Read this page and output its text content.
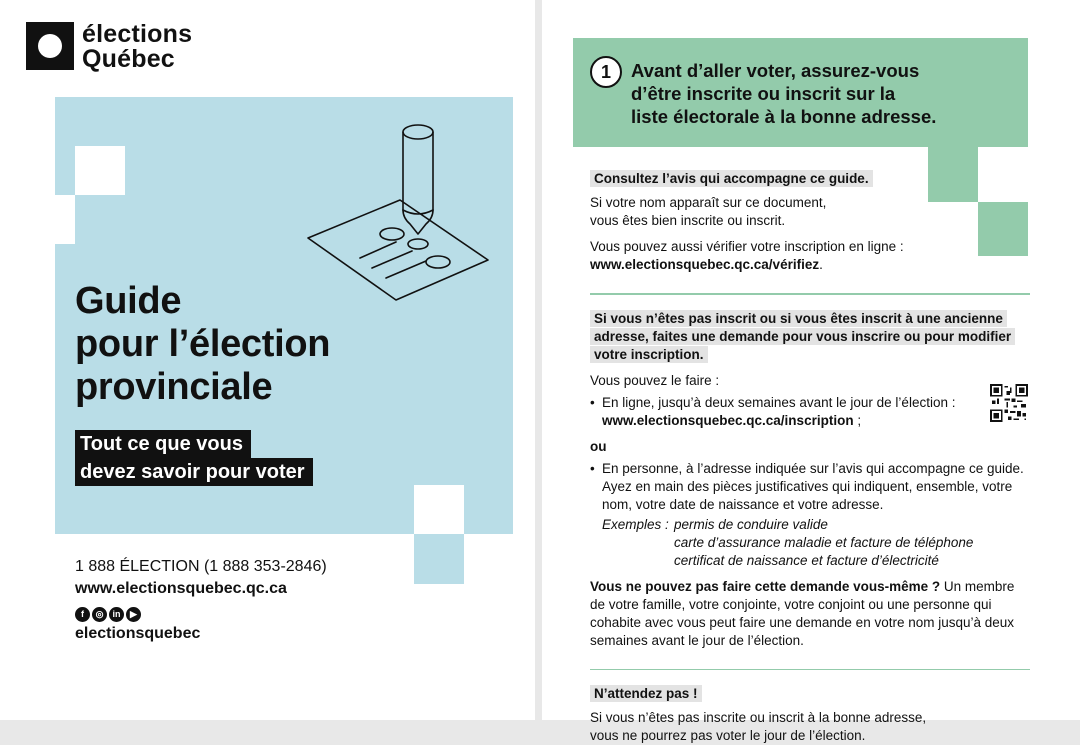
élections
Québec
Guide
pour l’élection
provinciale
Tout ce que vous
devez savoir pour voter
1 888 ÉLECTION (1 888 353-2846)
www.electionsquebec.qc.ca
f	◎	in	▶
electionsquebec
1	Avant d’aller voter, assurez-vous
d’être inscrite ou inscrit sur la
liste électorale à la bonne adresse.
Consultez l’avis qui accompagne ce guide.

Si votre nom apparaît sur ce document,
vous êtes bien inscrite ou inscrit.

Vous pouvez aussi vérifier votre inscription en ligne :

www.electionsquebec.qc.ca/vérifiez.

Si vous n’êtes pas inscrit ou si vous êtes inscrit à une ancienne adresse, faites une demande pour vous inscrire ou pour modifier votre inscription.

Vous pouvez le faire :

• En ligne, jusqu’à deux semaines avant le jour de l’élection :
www.electionsquebec.qc.ca/inscription ;

ou

• En personne, à l’adresse indiquée sur l’avis qui accompagne ce guide. Ayez en main des pièces justificatives qui indiquent, ensemble, votre nom, votre date de naissance et votre adresse.
Exemples : permis de conduire valide
carte d’assurance maladie et facture de téléphone
certificat de naissance et facture d’électricité

Vous ne pouvez pas faire cette demande vous-même ? Un membre de votre famille, votre conjointe, votre conjoint ou une personne qui cohabite avec vous peut faire une demande en votre nom jusqu’à deux semaines avant le jour de l’élection.

N’attendez pas !

Si vous n’êtes pas inscrite ou inscrit à la bonne adresse,
vous ne pourrez pas voter le jour de l’élection.
